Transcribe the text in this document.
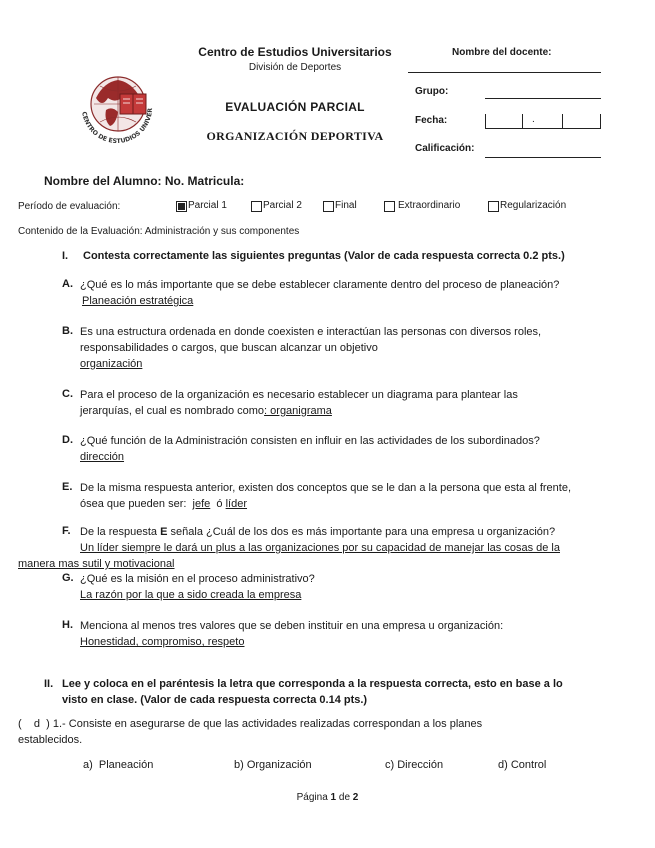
CENTRO DE ESTUDIOS UNIVER
Centro de Estudios Universitarios
División de Deportes
EVALUACIÓN PARCIAL
ORGANIZACIÓN DEPORTIVA
Nombre del docente:
Grupo:
Fecha:	.
Calificación:
Nombre del Alumno: No. Matricula:
Período de evaluación:	Parcial 1	Parcial 2	Final	Extraordinario	Regularización
Contenido de la Evaluación: Administración y sus componentes
I. Contesta correctamente las siguientes preguntas (Valor de cada respuesta correcta 0.2 pts.)
A. ¿Qué es lo más importante que se debe establecer claramente dentro del proceso de planeación?
Planeación estratégica
B. Es una estructura ordenada en donde coexisten e interactúan las personas con diversos roles,
responsabilidades o cargos, que buscan alcanzar un objetivo
organización
C. Para el proceso de la organización es necesario establecer un diagrama para plantear las
jerarquías, el cual es nombrado como: organigrama
D. ¿Qué función de la Administración consisten en influir en las actividades de los subordinados?
dirección
E. De la misma respuesta anterior, existen dos conceptos que se le dan a la persona que esta al frente,
ósea que pueden ser: jefe ó líder
F. De la respuesta E señala ¿Cuál de los dos es más importante para una empresa u organización?
Un líder siempre le dará un plus a las organizaciones por su capacidad de manejar las cosas de la
manera mas sutil y motivacional
G. ¿Qué es la misión en el proceso administrativo?
La razón por la que a sido creada la empresa
H. Menciona al menos tres valores que se deben instituir en una empresa u organización:
Honestidad, compromiso, respeto
II. Lee y coloca en el paréntesis la letra que corresponda a la respuesta correcta, esto en base a lo
visto en clase. (Valor de cada respuesta correcta 0.14 pts.)
( d ) 1.- Consiste en asegurarse de que las actividades realizadas correspondan a los planes
establecidos.
a)  Planeación	b) Organización	c) Dirección	d) Control
Página 1 de 2
